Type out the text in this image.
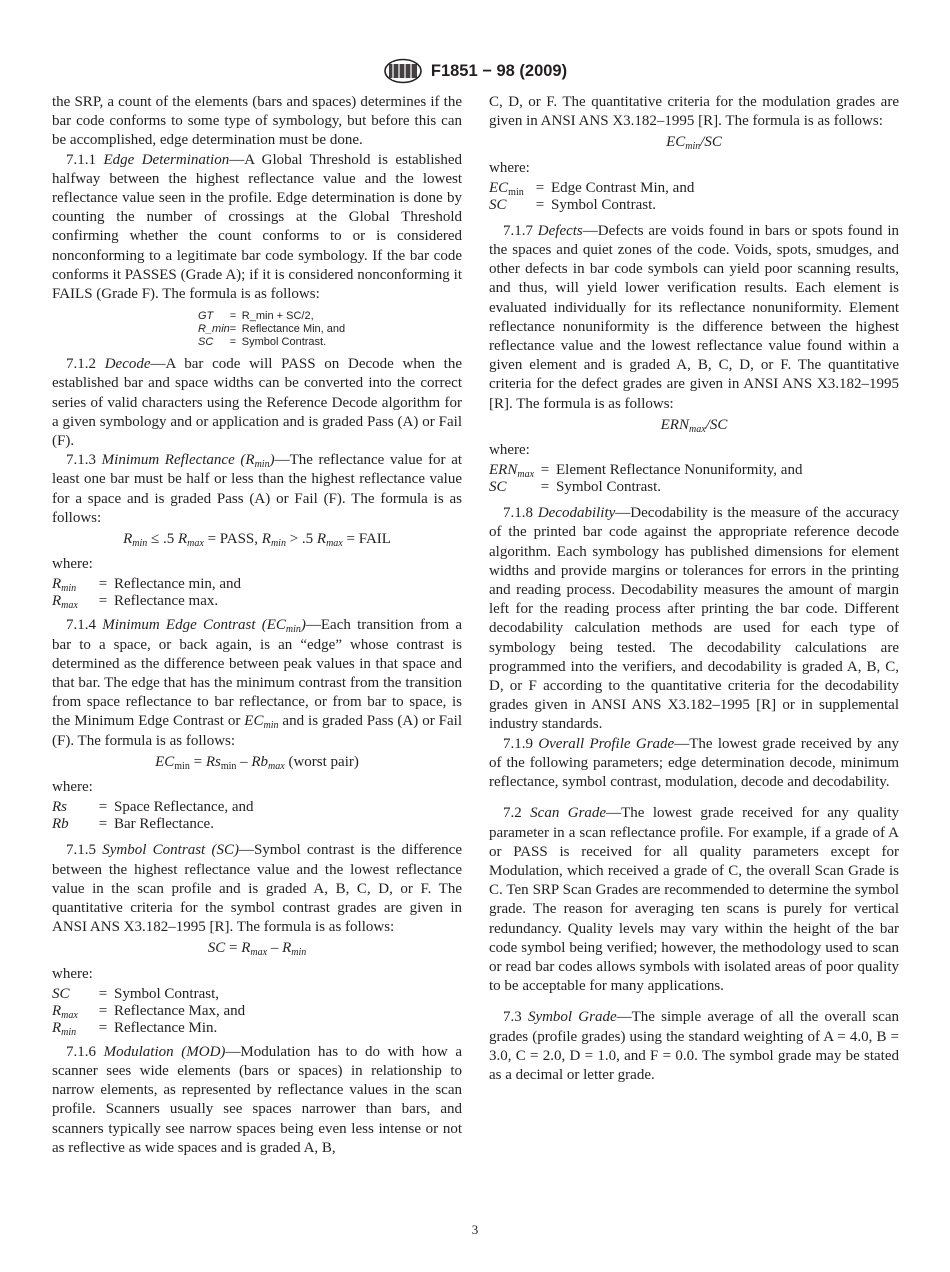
F1851 − 98 (2009)

the SRP, a count of the elements (bars and spaces) determines if the bar code conforms to some type of symbology, but before this can be accomplished, edge determination must be done.

7.1.1 Edge Determination—A Global Threshold is established halfway between the highest reflectance value and the lowest reflectance value seen in the profile. Edge determination is done by counting the number of crossings at the Global Threshold confirming whether the count conforms to or is considered nonconforming to a legitimate bar code symbology. If the bar code conforms it PASSES (Grade A); if it is considered nonconforming it FAILS (Grade F). The formula is as follows:

GT	=	R_min + SC/2,
R_min	=	Reflectance Min, and
SC	=	Symbol Contrast.

7.1.2 Decode—A bar code will PASS on Decode when the established bar and space widths can be converted into the correct series of valid characters using the Reference Decode algorithm for a given symbology and or application and is graded Pass (A) or Fail (F).

7.1.3 Minimum Reflectance $(R_{min})—The$ reflectance value for at least one bar must be half or less than the highest reflectance value for a space and is graded Pass (A) or Fail (F). The formula is as follows:

$R_{min} \le .5$ $R_{max}$ = PASS, $R_{min} > .5$ $R_{max}$ = FAIL

where:

$R_{min}$	=	Reflectance min, and
$R_{max}$	=	Reflectance max.

7.1.4 Minimum Edge Contrast $(EC_{min})—Each$ transition from a bar to a space, or back again, is an “edge” whose contrast is determined as the difference between peak values in that space and that bar. The edge that has the minimum contrast from the transition from space reflectance to bar reflectance, or from bar to space, is the Minimum Edge Contrast or $EC_{min}$ and is graded Pass (A) or Fail (F). The formula is as follows:

$EC_{min} = Rs_{min} - Rb_{max}$ (worst pair)

where:

Rs	=	Space Reflectance, and
Rb	=	Bar Reflectance.

7.1.5 Symbol Contrast (SC)—Symbol contrast is the difference between the highest reflectance value and the lowest reflectance value in the scan profile and is graded A, B, C, D, or F. The quantitative criteria for the symbol contrast grades are given in ANSI ANS X3.182–1995 [R]. The formula is as follows:

SC = $R_{max} - R_{min}$

where:

SC	=	Symbol Contrast,
$R_{max}$	=	Reflectance Max, and
$R_{min}$	=	Reflectance Min.

7.1.6 Modulation (MOD)—Modulation has to do with how a scanner sees wide elements (bars or spaces) in relationship to narrow elements, as represented by reflectance values in the scan profile. Scanners usually see spaces narrower than bars, and scanners typically see narrow spaces being even less intense or not as reflective as wide spaces and is graded A, B,

C, D, or F. The quantitative criteria for the modulation grades are given in ANSI ANS X3.182–1995 [R]. The formula is as follows:

$EC_{min}/SC$

where:

$EC_{min}$	=	Edge Contrast Min, and
SC	=	Symbol Contrast.

7.1.7 Defects—Defects are voids found in bars or spots found in the spaces and quiet zones of the code. Voids, spots, smudges, and other defects in bar code symbols can yield poor scanning results, and thus, will yield lower verification results. Each element is evaluated individually for its reflectance nonuniformity. Element reflectance nonuniformity is the difference between the highest reflectance value and the lowest reflectance value found within a given element and is graded A, B, C, D, or F. The quantitative criteria for the defect grades are given in ANSI ANS X3.182–1995 [R]. The formula is as follows:

$ERN_{max}/SC$

where:

$ERN_{max}$	=	Element Reflectance Nonuniformity, and
SC	=	Symbol Contrast.

7.1.8 Decodability—Decodability is the measure of the accuracy of the printed bar code against the appropriate reference decode algorithm. Each symbology has published dimensions for element widths and provide margins or tolerances for errors in the printing and reading process. Decodability measures the amount of margin left for the reading process after printing the bar code. Different decodability calculation methods are used for each type of symbology being tested. The decodability calculations are programmed into the verifiers, and decodability is graded A, B, C, D, or F according to the quantitative criteria for the decodability grades given in ANSI ANS X3.182–1995 [R] or in supplemental industry standards.

7.1.9 Overall Profile Grade—The lowest grade received by any of the following parameters; edge determination decode, minimum reflectance, symbol contrast, modulation, decode and decodability.

7.2 Scan Grade—The lowest grade received for any quality parameter in a scan reflectance profile. For example, if a grade of A or PASS is received for all quality parameters except for Modulation, which received a grade of C, the overall Scan Grade is C. Ten SRP Scan Grades are recommended to determine the symbol grade. The reason for averaging ten scans is purely for vertical redundancy. Quality levels may vary within the height of the bar code symbol being verified; however, the methodology used to scan or read bar codes allows symbols with isolated areas of poor quality to be acceptable for many applications.

7.3 Symbol Grade—The simple average of all the overall scan grades (profile grades) using the standard weighting of A = 4.0, B = 3.0, C = 2.0, D = 1.0, and F = 0.0. The symbol grade may be stated as a decimal or letter grade.

3
